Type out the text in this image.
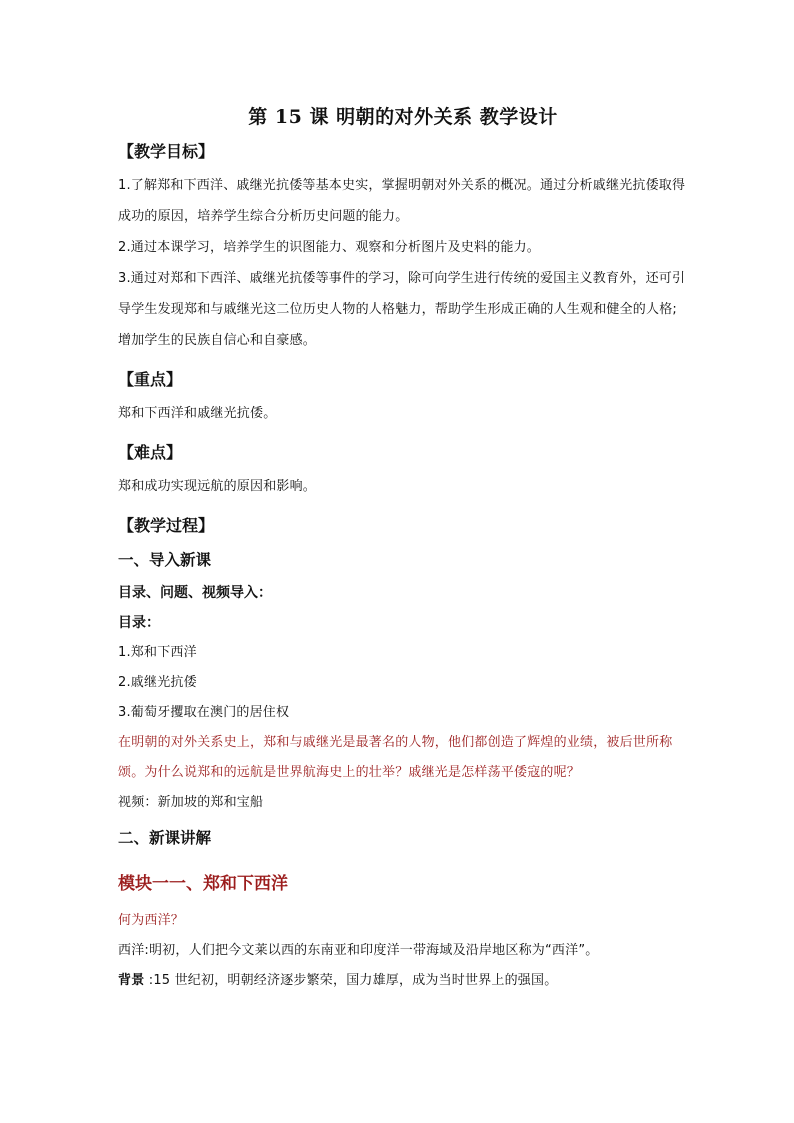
第 15 课 明朝的对外关系 教学设计
【教学目标】

1.了解郑和下西洋、戚继光抗倭等基本史实，掌握明朝对外关系的概况。通过分析戚继光抗倭取得成功的原因，培养学生综合分析历史问题的能力。

2.通过本课学习，培养学生的识图能力、观察和分析图片及史料的能力。

3.通过对郑和下西洋、戚继光抗倭等事件的学习，除可向学生进行传统的爱国主义教育外，还可引导学生发现郑和与戚继光这二位历史人物的人格魅力，帮助学生形成正确的人生观和健全的人格;增加学生的民族自信心和自豪感。

【重点】

郑和下西洋和戚继光抗倭。

【难点】

郑和成功实现远航的原因和影响。

【教学过程】
一、导入新课
目录、问题、视频导入：
目录：

1.郑和下西洋

2.戚继光抗倭

3.葡萄牙攫取在澳门的居住权

在明朝的对外关系史上，郑和与戚继光是最著名的人物，他们都创造了辉煌的业绩，被后世所称颂。为什么说郑和的远航是世界航海史上的壮举？戚继光是怎样荡平倭寇的呢？

视频：新加坡的郑和宝船

二、新课讲解
模块一一、郑和下西洋

何为西洋？

西洋:明初，人们把今文莱以西的东南亚和印度洋一带海域及沿岸地区称为“西洋”。

背景 :15 世纪初，明朝经济逐步繁荣，国力雄厚，成为当时世界上的强国。
